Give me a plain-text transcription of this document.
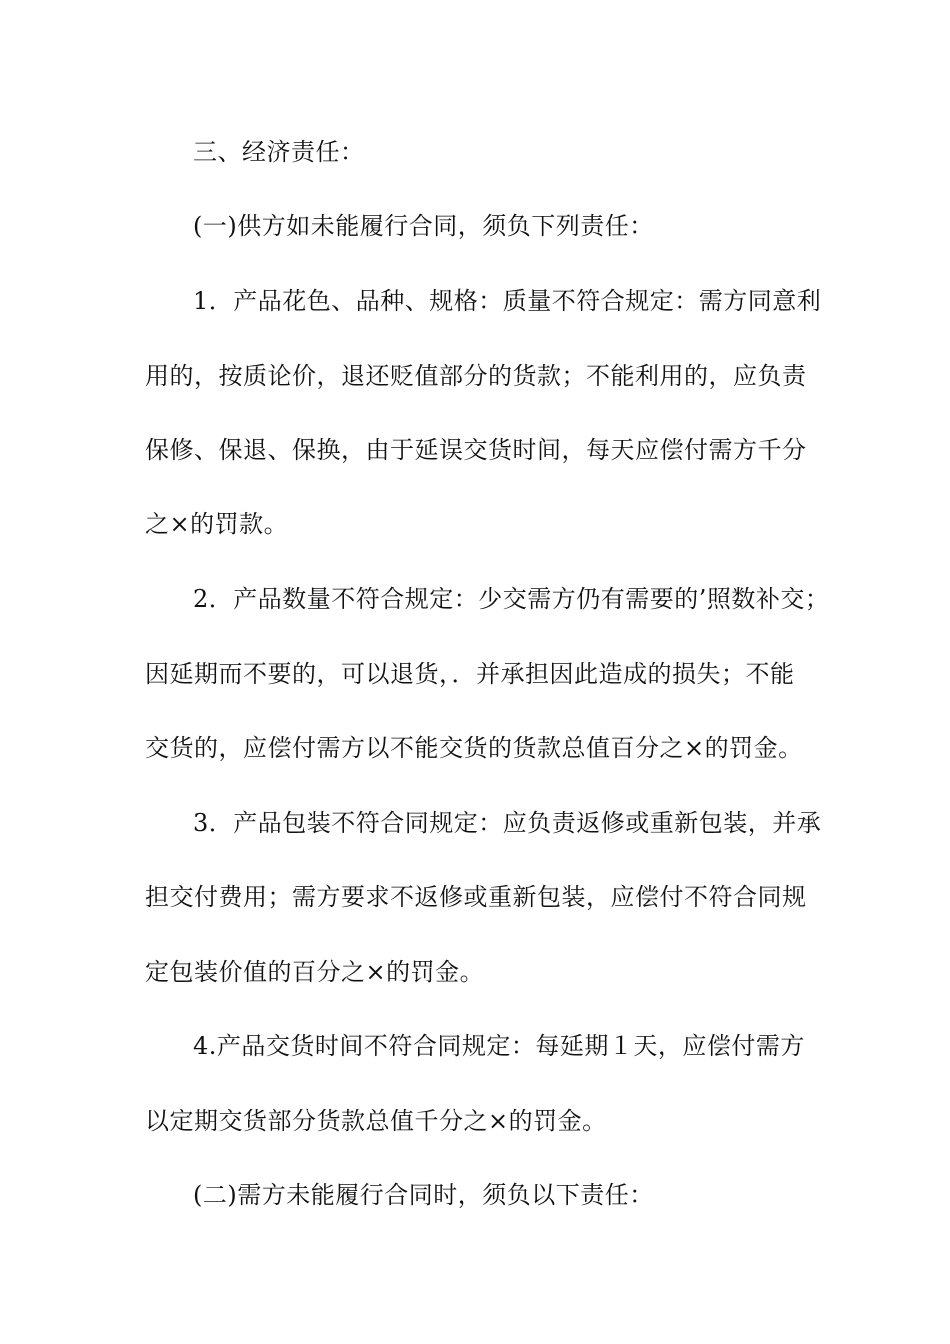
三、经济责任：
(一)供方如未能履行合同，须负下列责任：
1．产品花色、品种、规格：质量不符合规定：需方同意利
用的，按质论价，退还贬值部分的货款；不能利用的，应负责
保修、保退、保换，由于延误交货时间，每天应偿付需方千分
之×的罚款。
2．产品数量不符合规定：少交需方仍有需要的’照数补交；
因延期而不要的，可以退货，．并承担因此造成的损失；不能
交货的，应偿付需方以不能交货的货款总值百分之×的罚金。
3．产品包装不符合同规定：应负责返修或重新包装，并承
担交付费用；需方要求不返修或重新包装，应偿付不符合同规
定包装价值的百分之×的罚金。
4.产品交货时间不符合同规定：每延期１天，应偿付需方
以定期交货部分货款总值千分之×的罚金。
(二)需方未能履行合同时，须负以下责任：
